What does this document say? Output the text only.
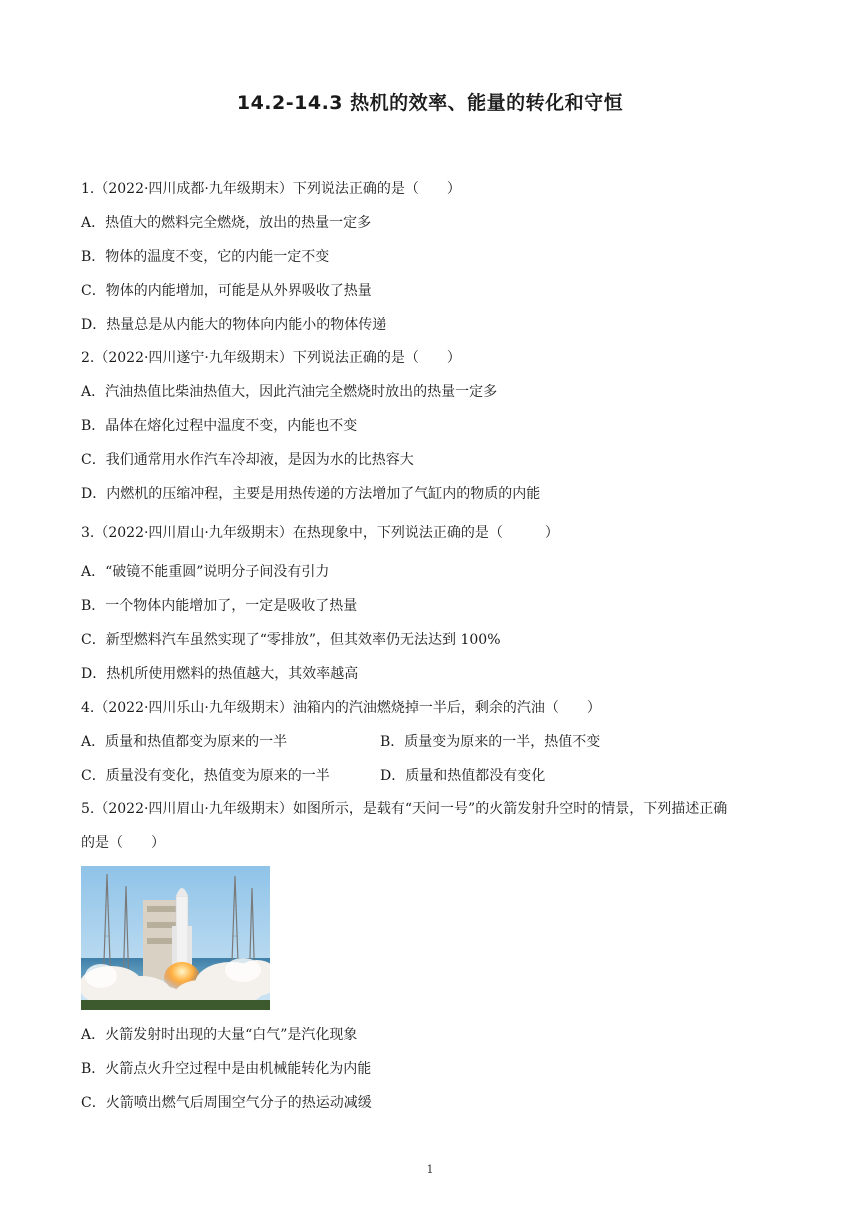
14.2-14.3 热机的效率、能量的转化和守恒
1.（2022·四川成都·九年级期末）下列说法正确的是（　　）
A．热值大的燃料完全燃烧，放出的热量一定多
B．物体的温度不变，它的内能一定不变
C．物体的内能增加，可能是从外界吸收了热量
D．热量总是从内能大的物体向内能小的物体传递
2.（2022·四川遂宁·九年级期末）下列说法正确的是（　　）
A．汽油热值比柴油热值大，因此汽油完全燃烧时放出的热量一定多
B．晶体在熔化过程中温度不变，内能也不变
C．我们通常用水作汽车冷却液，是因为水的比热容大
D．内燃机的压缩冲程，主要是用热传递的方法增加了气缸内的物质的内能
3.（2022·四川眉山·九年级期末）在热现象中，下列说法正确的是（　　　）
A．“破镜不能重圆”说明分子间没有引力
B．一个物体内能增加了，一定是吸收了热量
C．新型燃料汽车虽然实现了“零排放”，但其效率仍无法达到 100%
D．热机所使用燃料的热值越大，其效率越高
4.（2022·四川乐山·九年级期末）油箱内的汽油燃烧掉一半后，剩余的汽油（　　）
A．质量和热值都变为原来的一半	B．质量变为原来的一半，热值不变
C．质量没有变化，热值变为原来的一半	D．质量和热值都没有变化
5.（2022·四川眉山·九年级期末）如图所示，是载有“天问一号”的火箭发射升空时的情景，下列描述正确
的是（　　）
A．火箭发射时出现的大量“白气”是汽化现象
B．火箭点火升空过程中是由机械能转化为内能
C．火箭喷出燃气后周围空气分子的热运动减缓
1
